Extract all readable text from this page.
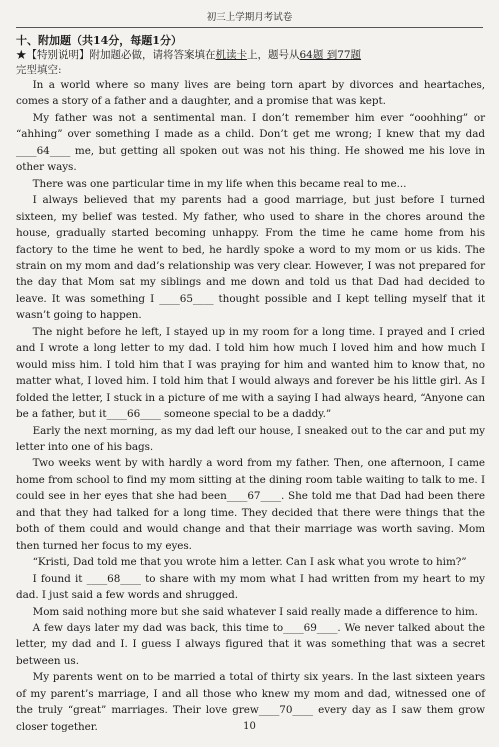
初三上学期月考试卷
十、附加题（共14分，每题1分）
★【特别说明】附加题必做，请将答案填在机读卡上，题号从64题 到77题
完型填空:

In a world where so many lives are being torn apart by divorces and heartaches, comes a story of a father and a daughter, and a promise that was kept.

My father was not a sentimental man. I don’t remember him ever “ooohhing” or “ahhing” over something I made as a child. Don’t get me wrong; I knew that my dad ____64____ me, but getting all spoken out was not his thing. He showed me his love in other ways.

There was one particular time in my life when this became real to me...

I always believed that my parents had a good marriage, but just before I turned sixteen, my belief was tested. My father, who used to share in the chores around the house, gradually started becoming unhappy. From the time he came home from his factory to the time he went to bed, he hardly spoke a word to my mom or us kids. The strain on my mom and dad’s relationship was very clear. However, I was not prepared for the day that Mom sat my siblings and me down and told us that Dad had decided to leave. It was something I ____65____ thought possible and I kept telling myself that it wasn’t going to happen.

The night before he left, I stayed up in my room for a long time. I prayed and I cried and I wrote a long letter to my dad. I told him how much I loved him and how much I would miss him. I told him that I was praying for him and wanted him to know that, no matter what, I loved him. I told him that I would always and forever be his little girl. As I folded the letter, I stuck in a picture of me with a saying I had always heard, “Anyone can be a father, but it____66____ someone special to be a daddy.”

Early the next morning, as my dad left our house, I sneaked out to the car and put my letter into one of his bags.

Two weeks went by with hardly a word from my father. Then, one afternoon, I came home from school to find my mom sitting at the dining room table waiting to talk to me. I could see in her eyes that she had been____67____. She told me that Dad had been there and that they had talked for a long time. They decided that there were things that the both of them could and would change and that their marriage was worth saving. Mom then turned her focus to my eyes.

“Kristi, Dad told me that you wrote him a letter. Can I ask what you wrote to him?”

I found it ____68____ to share with my mom what I had written from my heart to my dad. I just said a few words and shrugged.

Mom said nothing more but she said whatever I said really made a difference to him.

A few days later my dad was back, this time to____69____. We never talked about the letter, my dad and I. I guess I always figured that it was something that was a secret between us.

My parents went on to be married a total of thirty six years. In the last sixteen years of my parent’s marriage, I and all those who knew my mom and dad, witnessed one of the truly “great” marriages. Their love grew____70____ every day as I saw them grow closer together.	10
